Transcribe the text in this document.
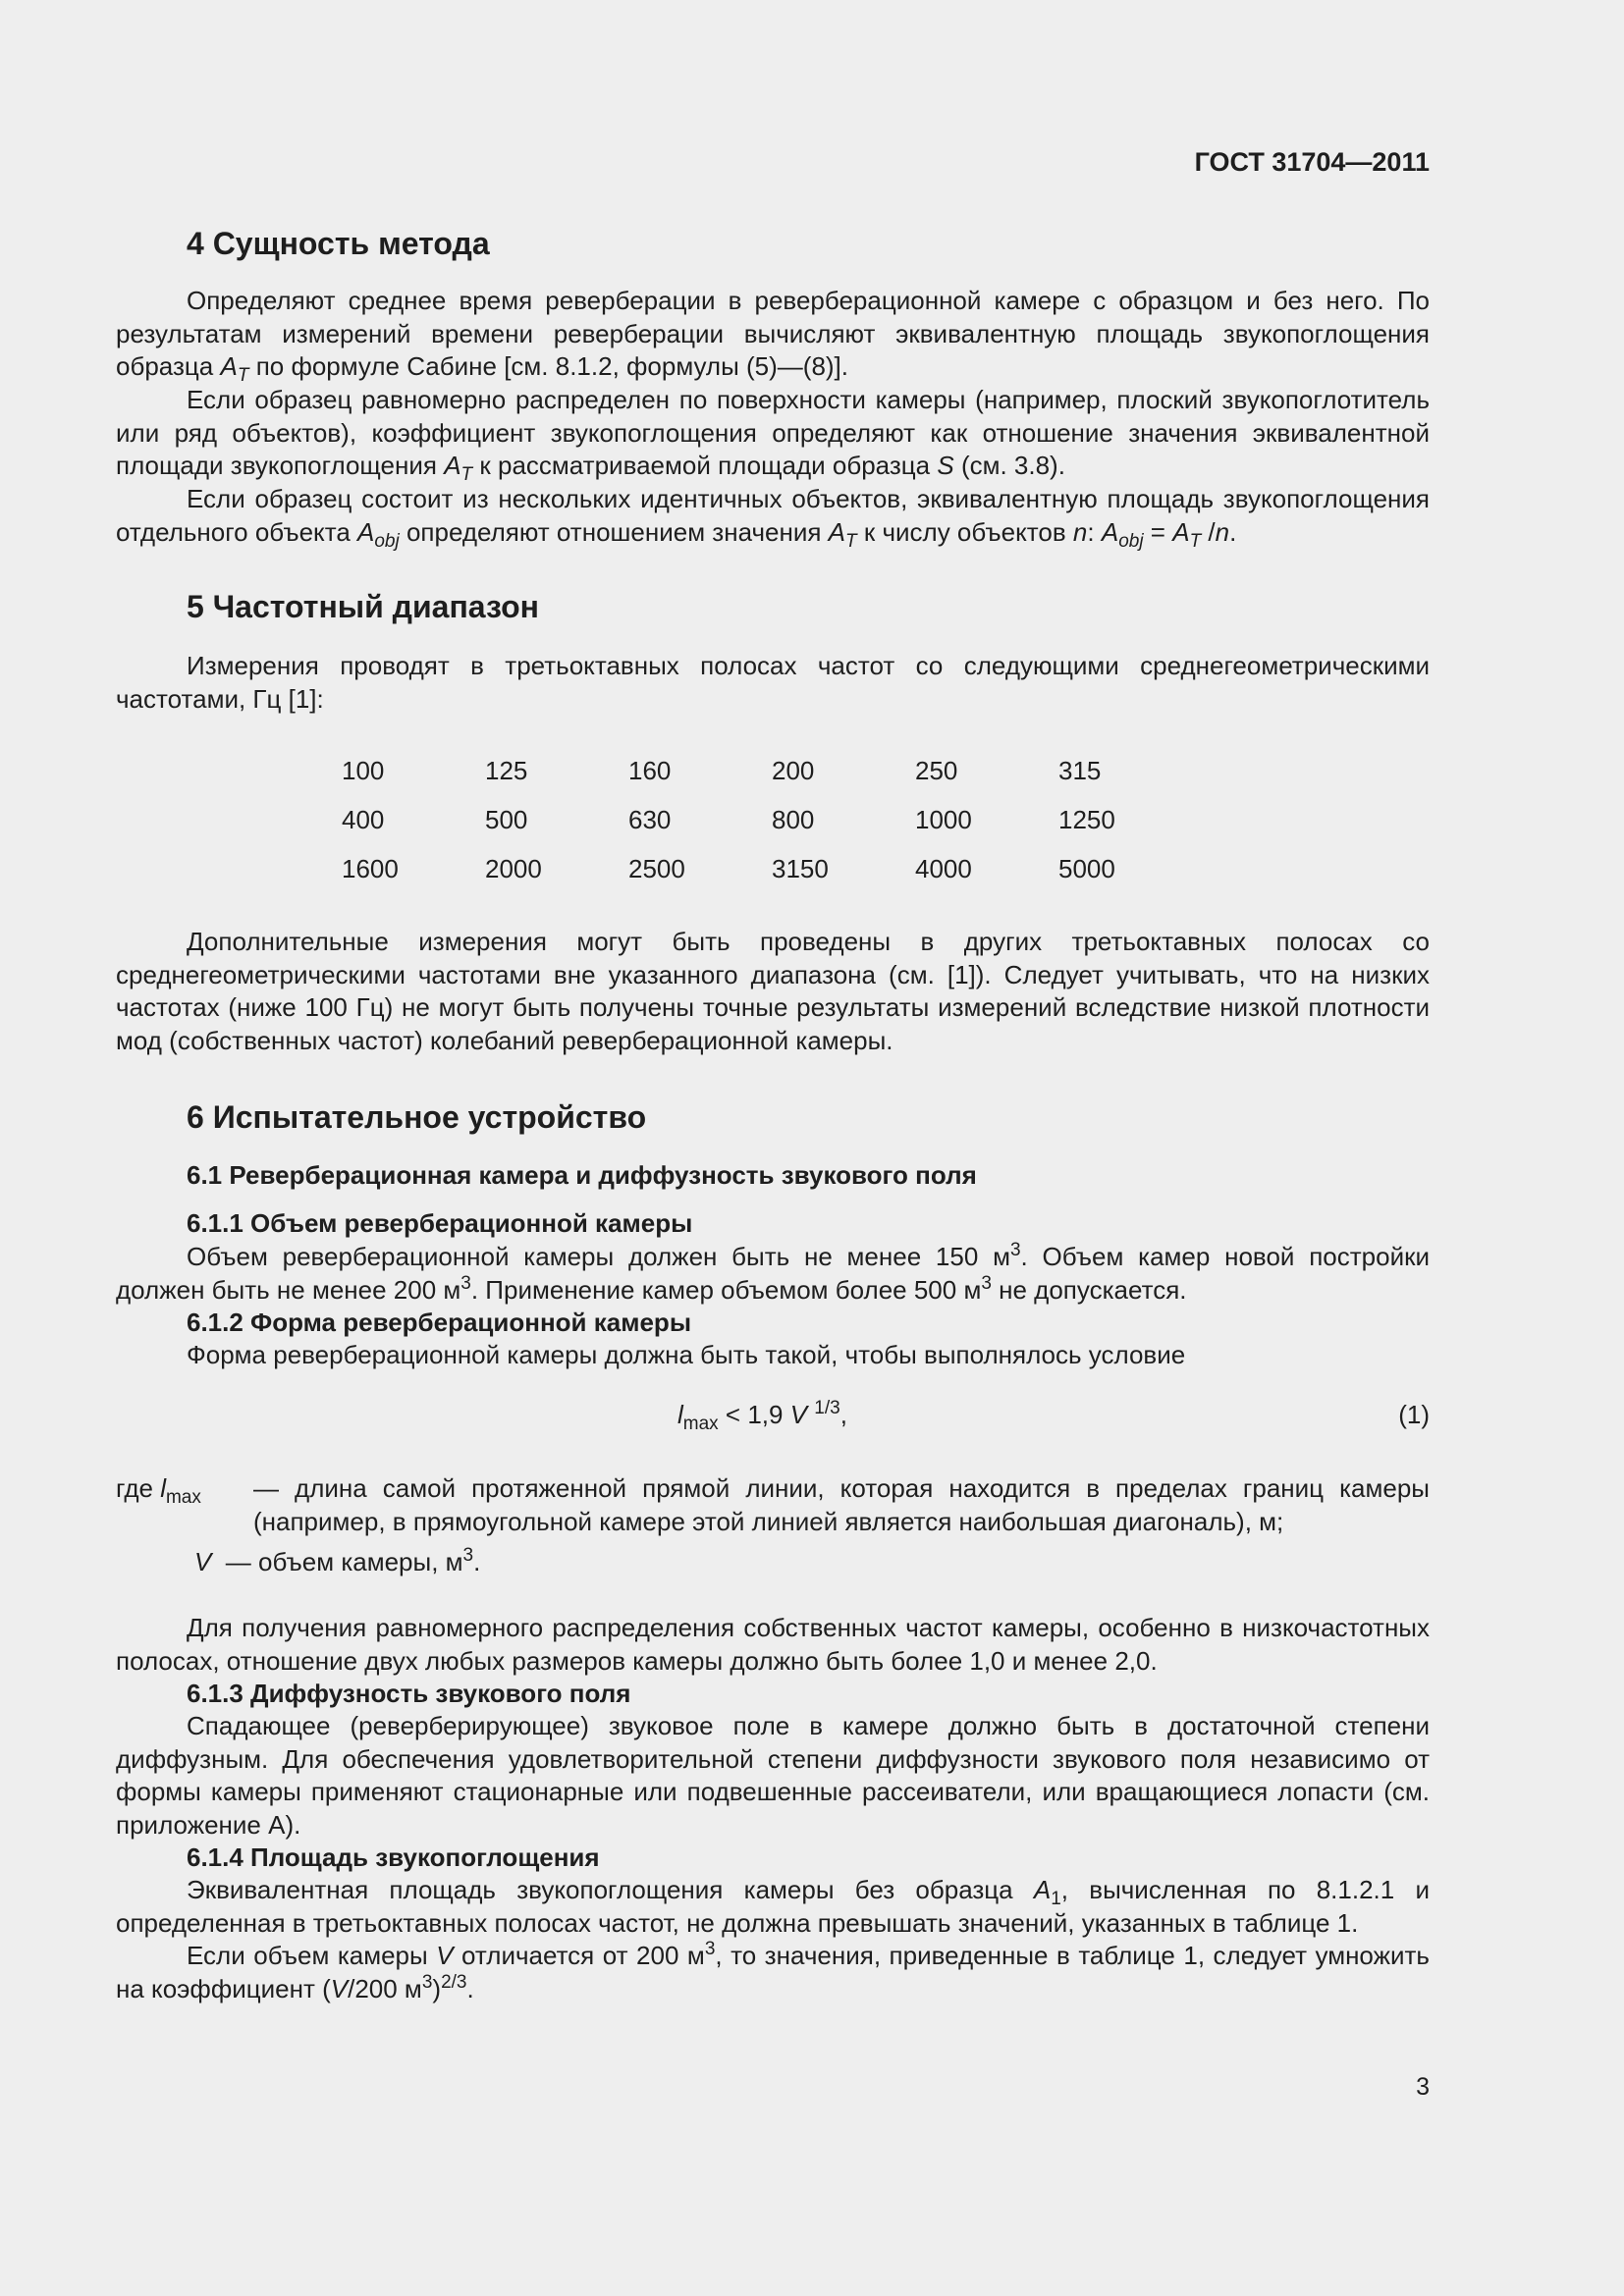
ГОСТ 31704—2011
4 Сущность метода
Определяют среднее время реверберации в реверберационной камере с образцом и без него. По результатам измерений времени реверберации вычисляют эквивалентную площадь звукопоглощения образца $A_T$ по формуле Сабине [см. 8.1.2, формулы (5)—(8)].
Если образец равномерно распределен по поверхности камеры (например, плоский звукопоглотитель или ряд объектов), коэффициент звукопоглощения определяют как отношение значения эквивалентной площади звукопоглощения $A_T$ к рассматриваемой площади образца S (см. 3.8).
Если образец состоит из нескольких идентичных объектов, эквивалентную площадь звукопоглощения отдельного объекта $A_{obj}$ определяют отношением значения $A_T$ к числу объектов n: $A_{obj} = A_T$ /n.
5 Частотный диапазон
Измерения проводят в третьоктавных полосах частот со следующими среднегеометрическими частотами, Гц [1]:
100	125	160	200	250	315
400	500	630	800	1000	1250
1600	2000	2500	3150	4000	5000
Дополнительные измерения могут быть проведены в других третьоктавных полосах со среднегеометрическими частотами вне указанного диапазона (см. [1]). Следует учитывать, что на низких частотах (ниже 100 Гц) не могут быть получены точные результаты измерений вследствие низкой плотности мод (собственных частот) колебаний реверберационной камеры.
6 Испытательное устройство
6.1 Реверберационная камера и диффузность звукового поля
6.1.1 Объем реверберационной камеры
Объем реверберационной камеры должен быть не менее 150 $м^3$. Объем камер новой постройки должен быть не менее 200 $м^3$. Применение камер объемом более 500 $м^3$ не допускается.
6.1.2 Форма реверберационной камеры
Форма реверберационной камеры должна быть такой, чтобы выполнялось условие
$l_{max} < 1,9$ V $^{1/3}$,	(1)
где $l_{max}$ — длина самой протяженной прямой линии, которая находится в пределах границ камеры (например, в прямоугольной камере этой линией является наибольшая диагональ), м;
V — объем камеры, $м^3$.
Для получения равномерного распределения собственных частот камеры, особенно в низкочастотных полосах, отношение двух любых размеров камеры должно быть более 1,0 и менее 2,0.
6.1.3 Диффузность звукового поля
Спадающее (реверберирующее) звуковое поле в камере должно быть в достаточной степени диффузным. Для обеспечения удовлетворительной степени диффузности звукового поля независимо от формы камеры применяют стационарные или подвешенные рассеиватели, или вращающиеся лопасти (см. приложение А).
6.1.4 Площадь звукопоглощения
Эквивалентная площадь звукопоглощения камеры без образца $A_1$, вычисленная по 8.1.2.1 и определенная в третьоктавных полосах частот, не должна превышать значений, указанных в таблице 1.
Если объем камеры V отличается от 200 $м^3$, то значения, приведенные в таблице 1, следует умножить на коэффициент (V/200 $м^3)^{2/3}$.
3
